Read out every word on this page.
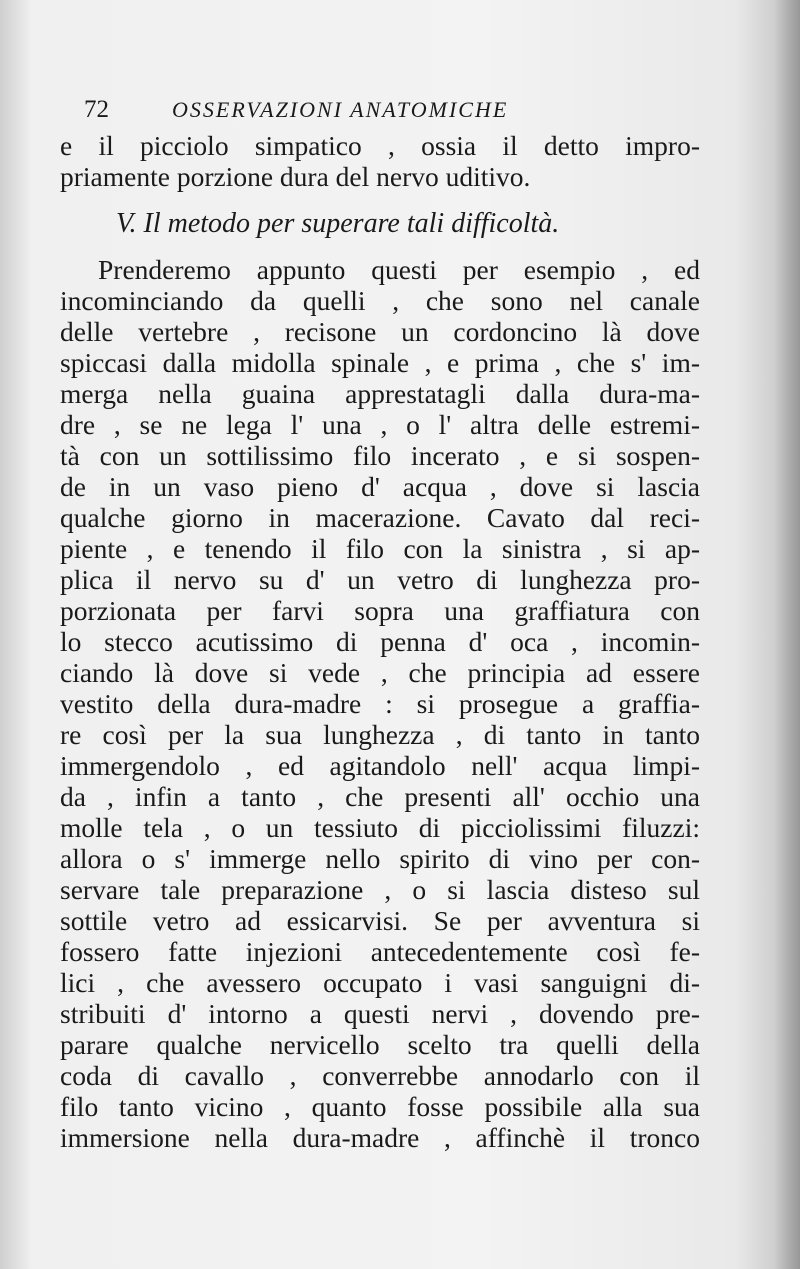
72	OSSERVAZIONI ANATOMICHE
e il picciolo simpatico , ossia il detto impro-
priamente porzione dura del nervo uditivo.
V. Il metodo per superare tali difficoltà.
Prenderemo appunto questi per esempio , ed
incominciando da quelli , che sono nel canale
delle vertebre , recisone un cordoncino là dove
spiccasi dalla midolla spinale , e prima , che s' im-
merga nella guaina apprestatagli dalla dura-ma-
dre , se ne lega l' una , o l' altra delle estremi-
tà con un sottilissimo filo incerato , e si sospen-
de in un vaso pieno d' acqua , dove si lascia
qualche giorno in macerazione. Cavato dal reci-
piente , e tenendo il filo con la sinistra , si ap-
plica il nervo su d' un vetro di lunghezza pro-
porzionata per farvi sopra una graffiatura con
lo stecco acutissimo di penna d' oca , incomin-
ciando là dove si vede , che principia ad essere
vestito della dura-madre : si prosegue a graffia-
re così per la sua lunghezza , di tanto in tanto
immergendolo , ed agitandolo nell' acqua limpi-
da , infin a tanto , che presenti all' occhio una
molle tela , o un tessiuto di picciolissimi filuzzi:
allora o s' immerge nello spirito di vino per con-
servare tale preparazione , o si lascia disteso sul
sottile vetro ad essicarvisi. Se per avventura si
fossero fatte injezioni antecedentemente così fe-
lici , che avessero occupato i vasi sanguigni di-
stribuiti d' intorno a questi nervi , dovendo pre-
parare qualche nervicello scelto tra quelli della
coda di cavallo , converrebbe annodarlo con il
filo tanto vicino , quanto fosse possibile alla sua
immersione nella dura-madre , affinchè il tronco
